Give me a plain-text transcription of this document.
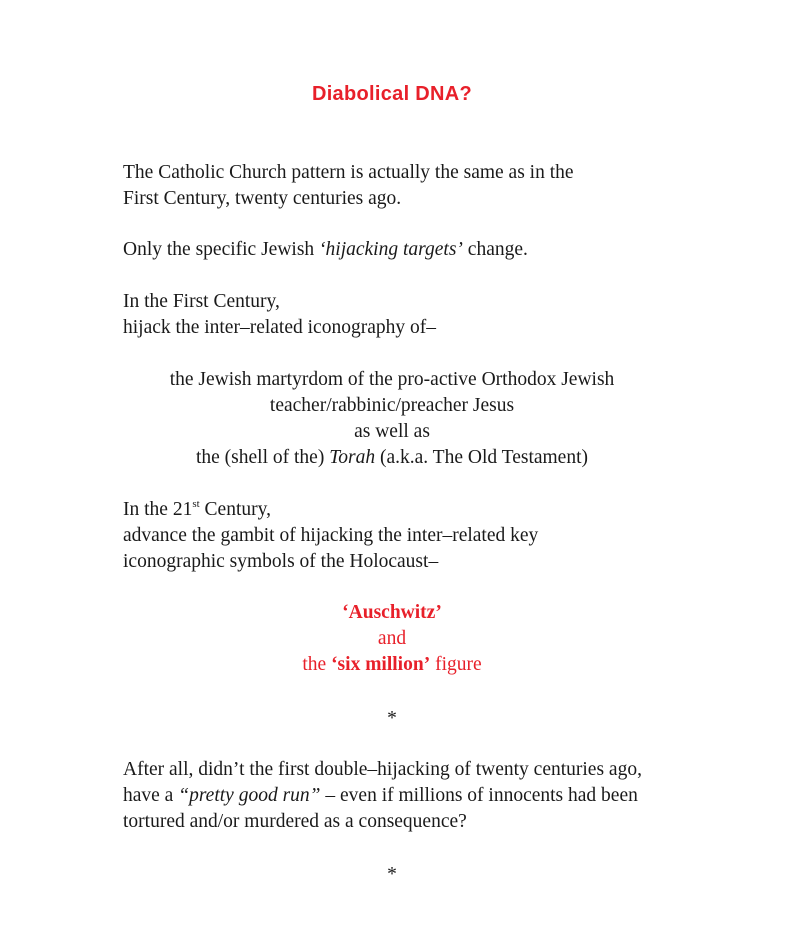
Diabolical DNA?
The Catholic Church pattern is actually the same as in the
First Century, twenty centuries ago.
Only the specific Jewish ‘hijacking targets’ change.
In the First Century,
hijack the inter–related iconography of–
the Jewish martyrdom of the pro-active Orthodox Jewish
teacher/rabbinic/preacher Jesus
as well as
the (shell of the) Torah (a.k.a. The Old Testament)
In the 21st Century,
advance the gambit of hijacking the inter–related key
iconographic symbols of the Holocaust–
‘Auschwitz’
and
the ‘six million’ figure
*
After all, didn’t the first double–hijacking of twenty centuries ago,
have a “pretty good run” – even if millions of innocents had been
tortured and/or murdered as a consequence?
*
